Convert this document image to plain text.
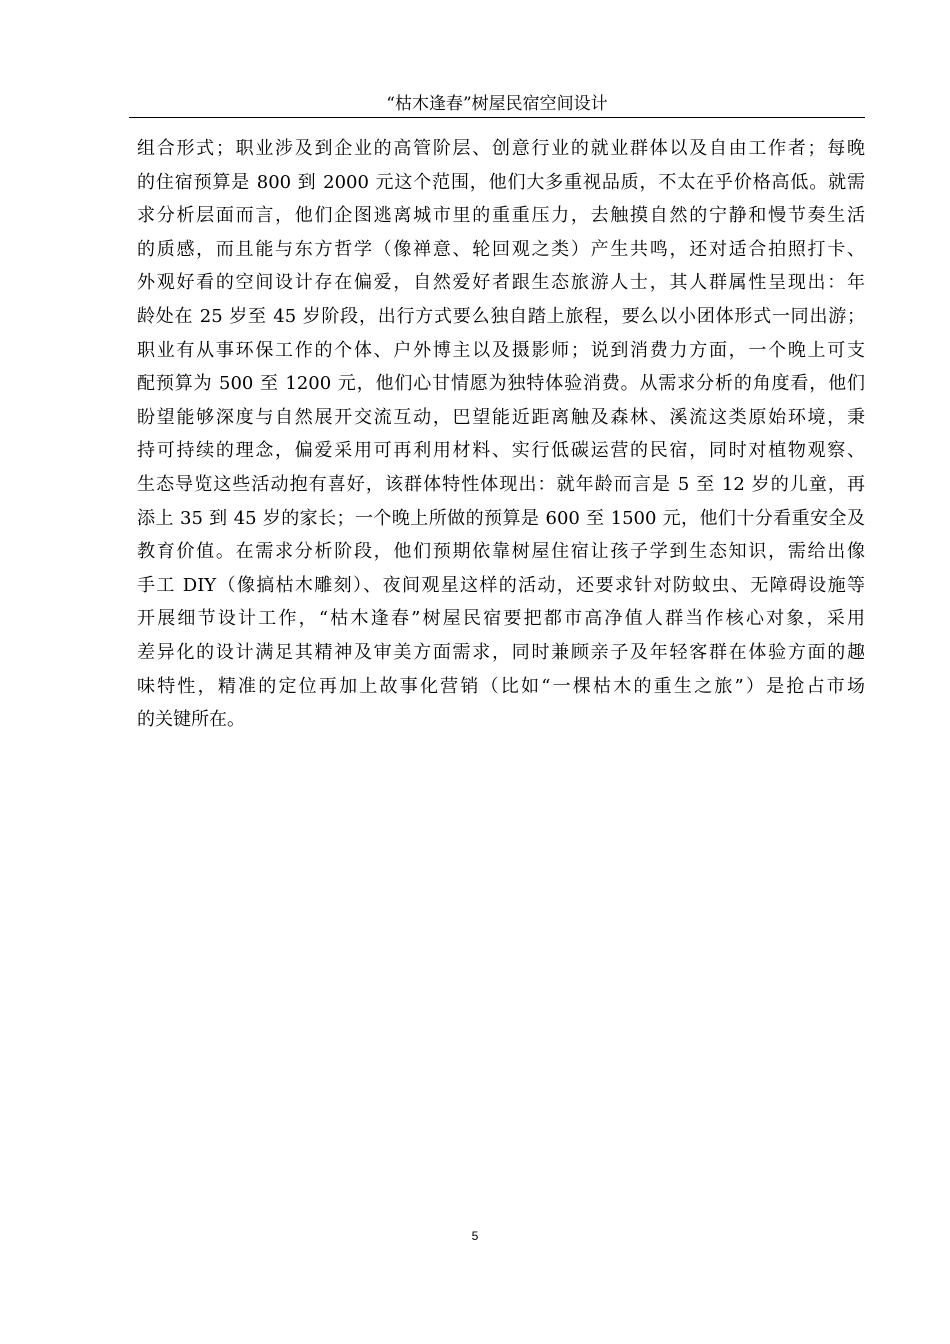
“枯木逢春”树屋民宿空间设计
组合形式；职业涉及到企业的高管阶层、创意行业的就业群体以及自由工作者；每晚
的住宿预算是 800 到 2000 元这个范围，他们大多重视品质，不太在乎价格高低。就需
求分析层面而言，他们企图逃离城市里的重重压力，去触摸自然的宁静和慢节奏生活
的质感，而且能与东方哲学（像禅意、轮回观之类）产生共鸣，还对适合拍照打卡、
外观好看的空间设计存在偏爱，自然爱好者跟生态旅游人士，其人群属性呈现出：年
龄处在 25 岁至 45 岁阶段，出行方式要么独自踏上旅程，要么以小团体形式一同出游；
职业有从事环保工作的个体、户外博主以及摄影师；说到消费力方面，一个晚上可支
配预算为 500 至 1200 元，他们心甘情愿为独特体验消费。从需求分析的角度看，他们
盼望能够深度与自然展开交流互动，巴望能近距离触及森林、溪流这类原始环境，秉
持可持续的理念，偏爱采用可再利用材料、实行低碳运营的民宿，同时对植物观察、
生态导览这些活动抱有喜好，该群体特性体现出：就年龄而言是 5 至 12 岁的儿童，再
添上 35 到 45 岁的家长；一个晚上所做的预算是 600 至 1500 元，他们十分看重安全及
教育价值。在需求分析阶段，他们预期依靠树屋住宿让孩子学到生态知识，需给出像
手工 DIY（像搞枯木雕刻）、夜间观星这样的活动，还要求针对防蚊虫、无障碍设施等
开展细节设计工作，“枯木逢春”树屋民宿要把都市高净值人群当作核心对象，采用
差异化的设计满足其精神及审美方面需求，同时兼顾亲子及年轻客群在体验方面的趣
味特性，精准的定位再加上故事化营销（比如“一棵枯木的重生之旅”）是抢占市场
的关键所在。
5
